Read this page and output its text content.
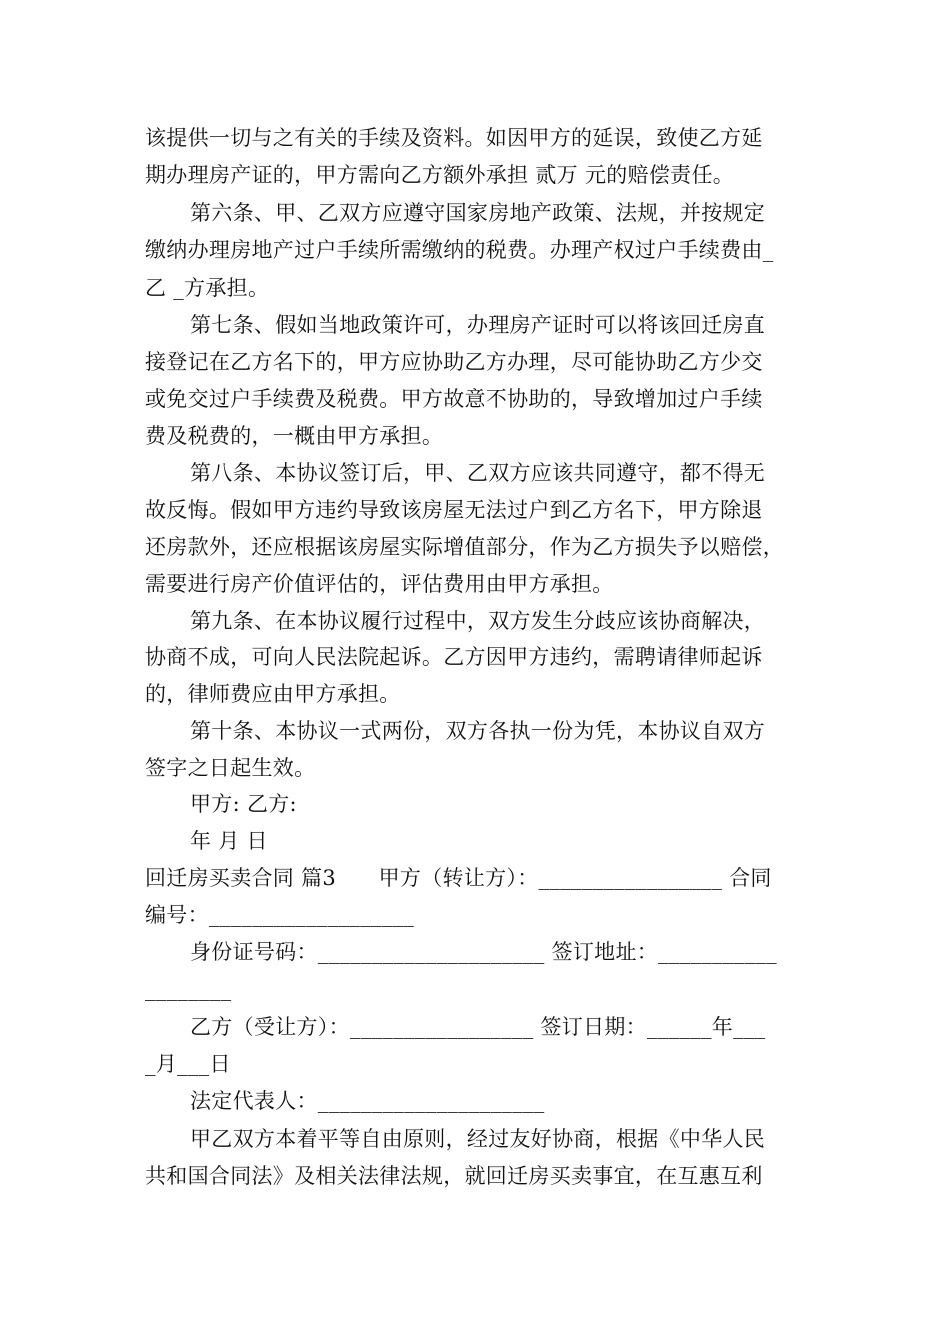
该提供一切与之有关的手续及资料。如因甲方的延误，致使乙方延
期办理房产证的，甲方需向乙方额外承担 贰万 元的赔偿责任。
第六条、甲、乙双方应遵守国家房地产政策、法规，并按规定
缴纳办理房地产过户手续所需缴纳的税费。办理产权过户手续费由_
乙 _方承担。
第七条、假如当地政策许可，办理房产证时可以将该回迁房直
接登记在乙方名下的，甲方应协助乙方办理，尽可能协助乙方少交
或免交过户手续费及税费。甲方故意不协助的，导致增加过户手续
费及税费的，一概由甲方承担。
第八条、本协议签订后，甲、乙双方应该共同遵守，都不得无
故反悔。假如甲方违约导致该房屋无法过户到乙方名下，甲方除退
还房款外，还应根据该房屋实际增值部分，作为乙方损失予以赔偿，
需要进行房产价值评估的，评估费用由甲方承担。
第九条、在本协议履行过程中，双方发生分歧应该协商解决，
协商不成，可向人民法院起诉。乙方因甲方违约，需聘请律师起诉
的，律师费应由甲方承担。
第十条、本协议一式两份，双方各执一份为凭，本协议自双方
签字之日起生效。
甲方: 乙方:
年 月 日
回迁房买卖合同 篇3　　甲方（转让方）：_________________ 合同
编号：___________________
身份证号码：_____________________ 签订地址：___________
________
乙方（受让方）：_________________ 签订日期：______年___
_月___日
法定代表人：_____________________
甲乙双方本着平等自由原则，经过友好协商，根据《中华人民
共和国合同法》及相关法律法规，就回迁房买卖事宜，在互惠互利
